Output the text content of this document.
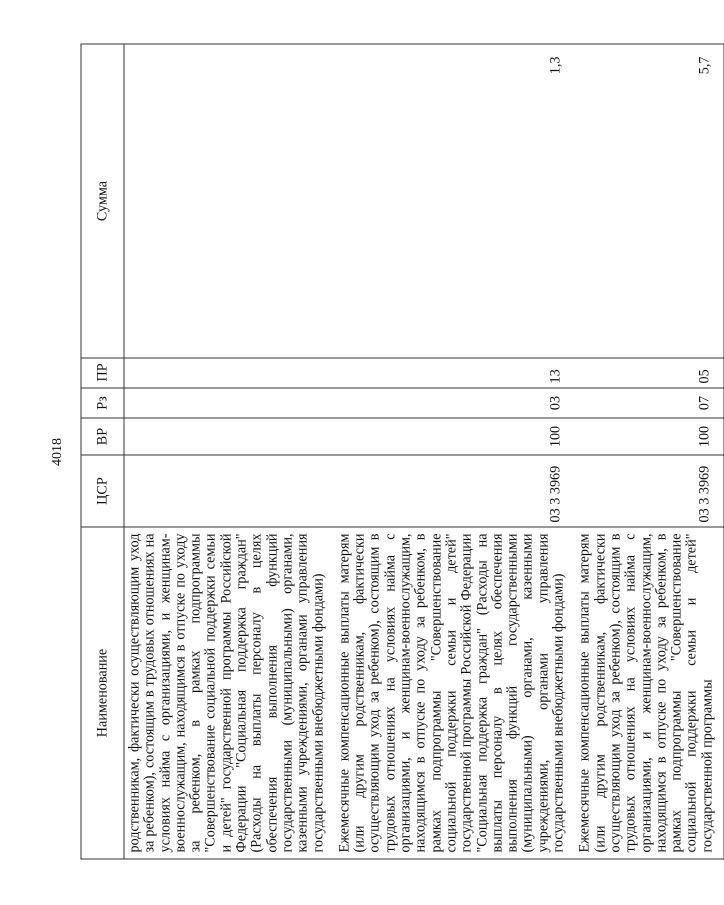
4018
Наименование	ЦСР	ВР	Рз	ПР	Сумма
родственникам, фактически осуществляющим уход за ребенком), состоящим в трудовых отношениях на условиях найма с организациями, и женщинам-военнослужащим, находящимся в отпуске по уходу за ребенком, в рамках подпрограммы "Совершенствование социальной поддержки семьи и детей" государственной программы Российской Федерации "Социальная поддержка граждан" (Расходы на выплаты персоналу в целях обеспечения выполнения функций государственными (муниципальными) органами, казенными учреждениями, органами управления государственными внебюджетными фондами)					
Ежемесячные компенсационные выплаты матерям (или другим родственникам, фактически осуществляющим уход за ребенком), состоящим в трудовых отношениях на условиях найма с организациями, и женщинам-военнослужащим, находящимся в отпуске по уходу за ребенком, в рамках подпрограммы "Совершенствование социальной поддержки семьи и детей" государственной программы Российской Федерации "Социальная поддержка граждан" (Расходы на выплаты персоналу в целях обеспечения выполнения функций государственными (муниципальными) органами, казенными учреждениями, органами управления государственными внебюджетными фондами)	03 3 3969	100	03	13	1,3
Ежемесячные компенсационные выплаты матерям (или другим родственникам, фактически осуществляющим уход за ребенком), состоящим в трудовых отношениях на условиях найма с организациями, и женщинам-военнослужащим, находящимся в отпуске по уходу за ребенком, в рамках подпрограммы "Совершенствование социальной поддержки семьи и детей" государственной программы	03 3 3969	100	07	05	5,7
